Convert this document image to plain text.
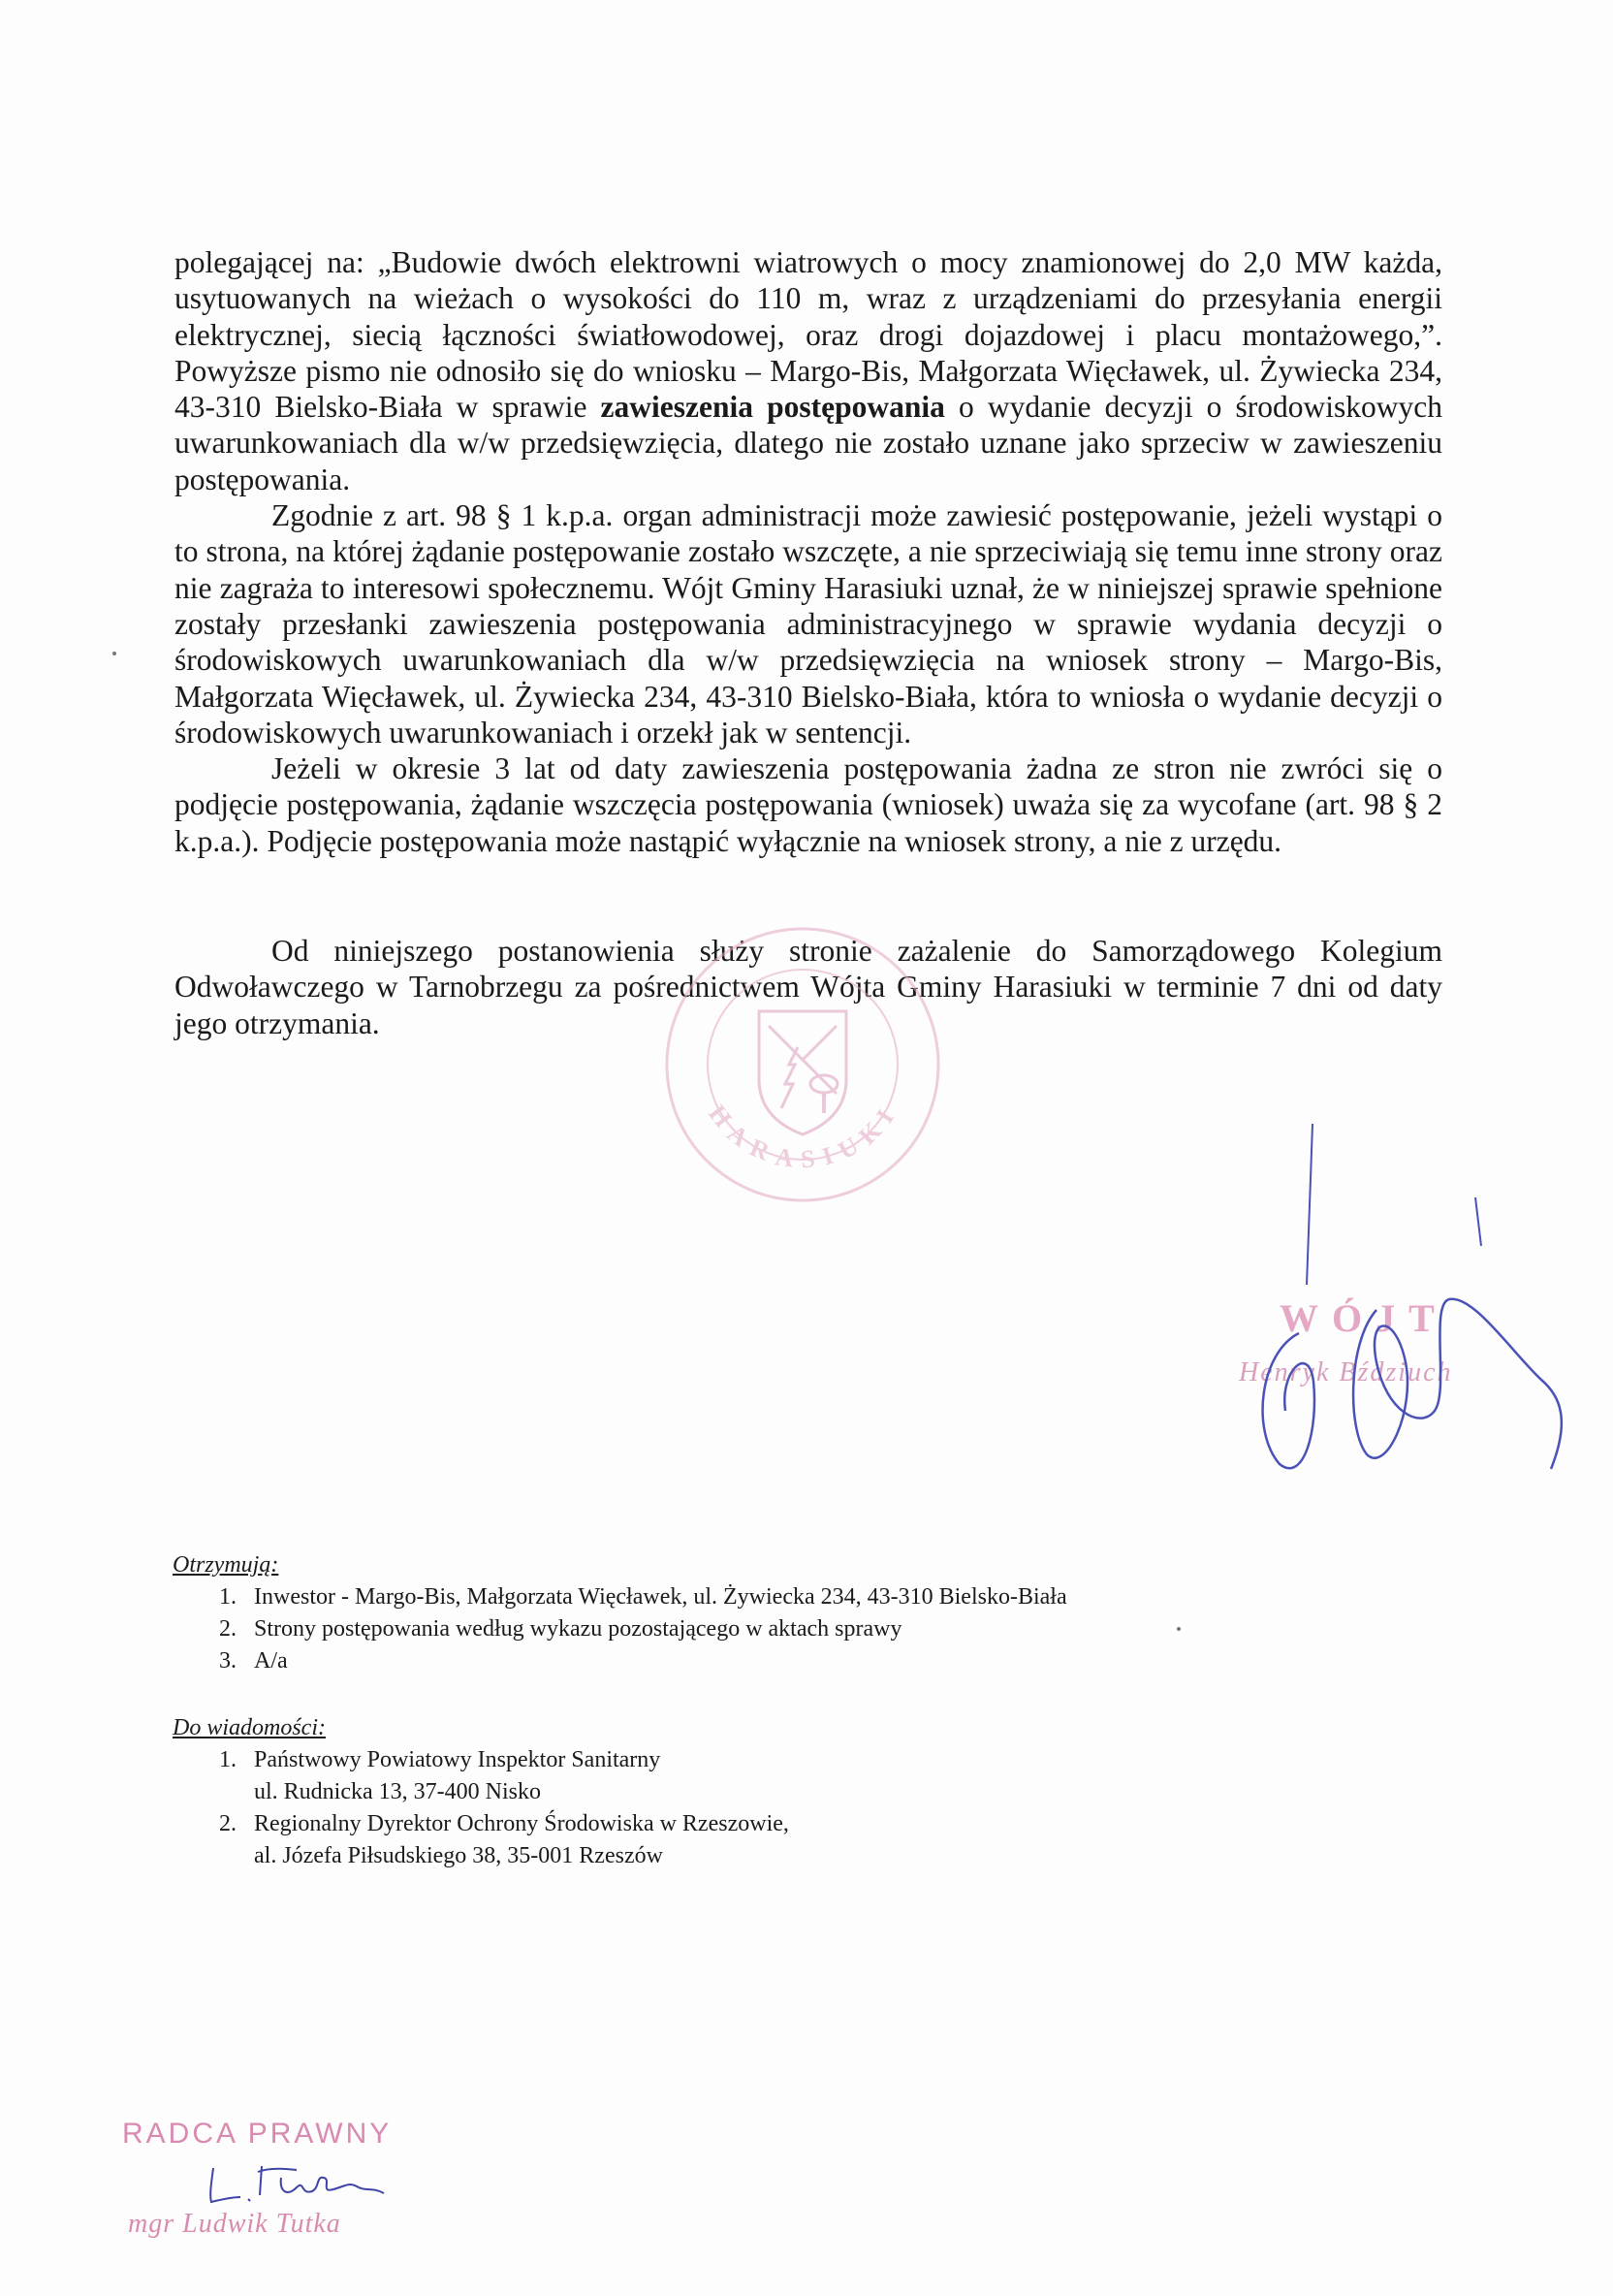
polegającej na: „Budowie dwóch elektrowni wiatrowych o mocy znamionowej do 2,0 MW każda, usytuowanych na wieżach o wysokości do 110 m, wraz z urządzeniami do przesyłania energii elektrycznej, siecią łączności światłowodowej, oraz drogi dojazdowej i placu montażowego,”. Powyższe pismo nie odnosiło się do wniosku – Margo-Bis, Małgorzata Więcławek, ul. Żywiecka 234, 43-310 Bielsko-Biała w sprawie zawieszenia postępowania o wydanie decyzji o środowiskowych uwarunkowaniach dla w/w przedsięwzięcia, dlatego nie zostało uznane jako sprzeciw w zawieszeniu postępowania.

Zgodnie z art. 98 § 1 k.p.a. organ administracji może zawiesić postępowanie, jeżeli wystąpi o to strona, na której żądanie postępowanie zostało wszczęte, a nie sprzeciwiają się temu inne strony oraz nie zagraża to interesowi społecznemu. Wójt Gminy Harasiuki uznał, że w niniejszej sprawie spełnione zostały przesłanki zawieszenia postępowania administracyjnego w sprawie wydania decyzji o środowiskowych uwarunkowaniach dla w/w przedsięwzięcia na wniosek strony – Margo-Bis, Małgorzata Więcławek, ul. Żywiecka 234, 43-310 Bielsko-Biała, która to wniosła o wydanie decyzji o środowiskowych uwarunkowaniach i orzekł jak w sentencji.

Jeżeli w okresie 3 lat od daty zawieszenia postępowania żadna ze stron nie zwróci się o podjęcie postępowania, żądanie wszczęcia postępowania (wniosek) uważa się za wycofane (art. 98 § 2 k.p.a.). Podjęcie postępowania może nastąpić wyłącznie na wniosek strony, a nie z urzędu.

Od niniejszego postanowienia służy stronie zażalenie do Samorządowego Kolegium Odwoławczego w Tarnobrzegu za pośrednictwem Wójta Gminy Harasiuki w terminie 7 dni od daty jego otrzymania.

HARASIUKI
WÓJT
Henryk Bździuch

Otrzymują:

1. Inwestor - Margo-Bis, Małgorzata Więcławek, ul. Żywiecka 234, 43-310 Bielsko-Biała
2. Strony postępowania według wykazu pozostającego w aktach sprawy
3. A/a

Do wiadomości:

1. Państwowy Powiatowy Inspektor Sanitarny
ul. Rudnicka 13, 37-400 Nisko
2. Regionalny Dyrektor Ochrony Środowiska w Rzeszowie,
al. Józefa Piłsudskiego 38, 35-001 Rzeszów
RADCA PRAWNY
mgr Ludwik Tutka
